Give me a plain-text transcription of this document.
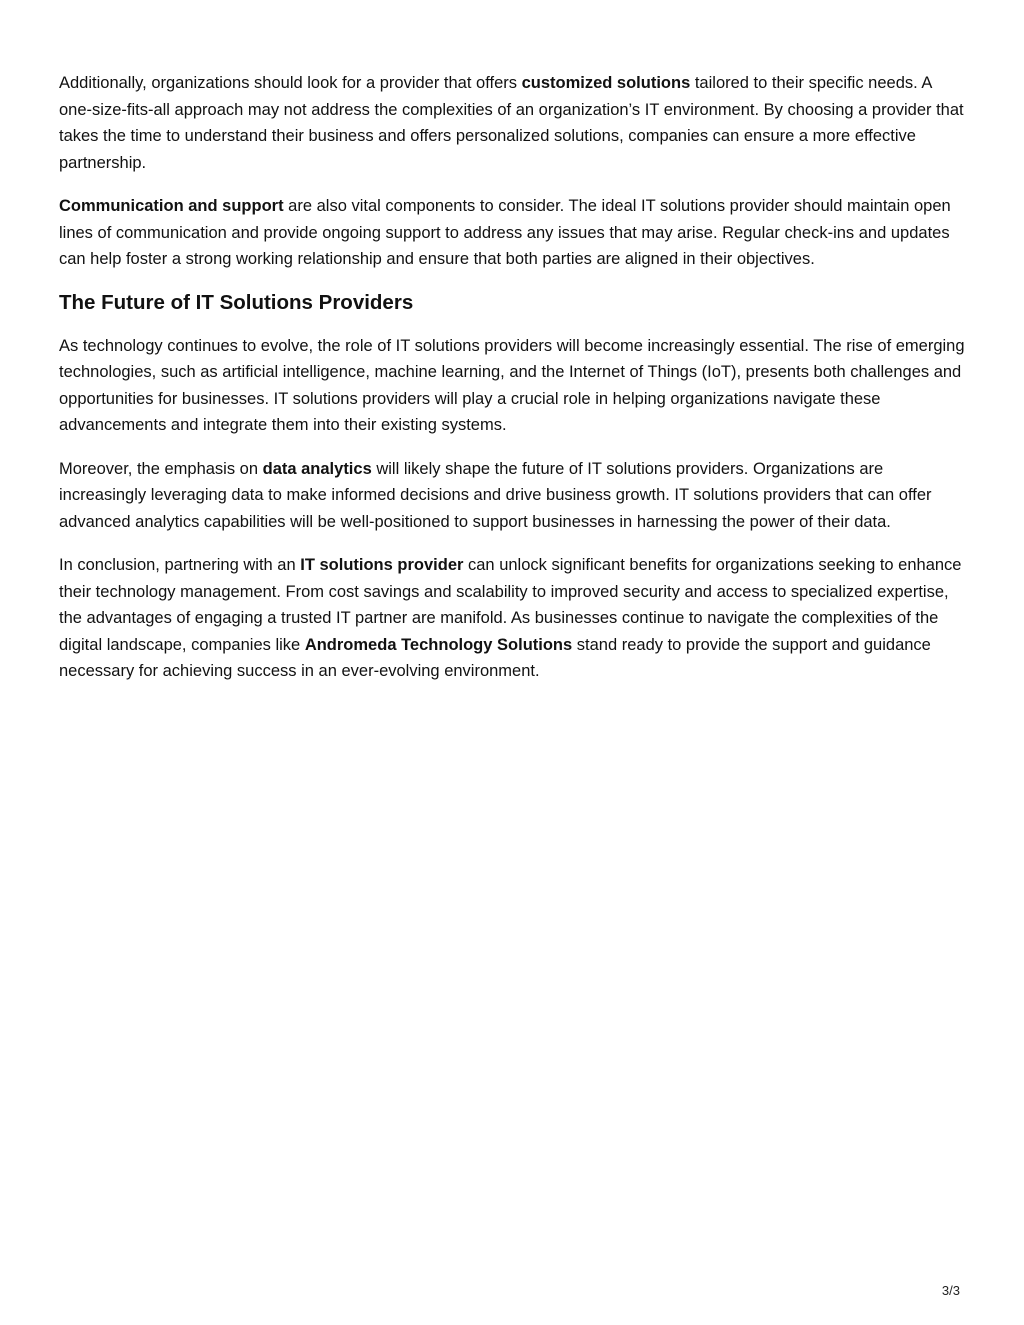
Additionally, organizations should look for a provider that offers customized solutions tailored to their specific needs. A one-size-fits-all approach may not address the complexities of an organization’s IT environment. By choosing a provider that takes the time to understand their business and offers personalized solutions, companies can ensure a more effective partnership.

Communication and support are also vital components to consider. The ideal IT solutions provider should maintain open lines of communication and provide ongoing support to address any issues that may arise. Regular check-ins and updates can help foster a strong working relationship and ensure that both parties are aligned in their objectives.

The Future of IT Solutions Providers

As technology continues to evolve, the role of IT solutions providers will become increasingly essential. The rise of emerging technologies, such as artificial intelligence, machine learning, and the Internet of Things (IoT), presents both challenges and opportunities for businesses. IT solutions providers will play a crucial role in helping organizations navigate these advancements and integrate them into their existing systems.

Moreover, the emphasis on data analytics will likely shape the future of IT solutions providers. Organizations are increasingly leveraging data to make informed decisions and drive business growth. IT solutions providers that can offer advanced analytics capabilities will be well-positioned to support businesses in harnessing the power of their data.

In conclusion, partnering with an IT solutions provider can unlock significant benefits for organizations seeking to enhance their technology management. From cost savings and scalability to improved security and access to specialized expertise, the advantages of engaging a trusted IT partner are manifold. As businesses continue to navigate the complexities of the digital landscape, companies like Andromeda Technology Solutions stand ready to provide the support and guidance necessary for achieving success in an ever-evolving environment.

3/3
